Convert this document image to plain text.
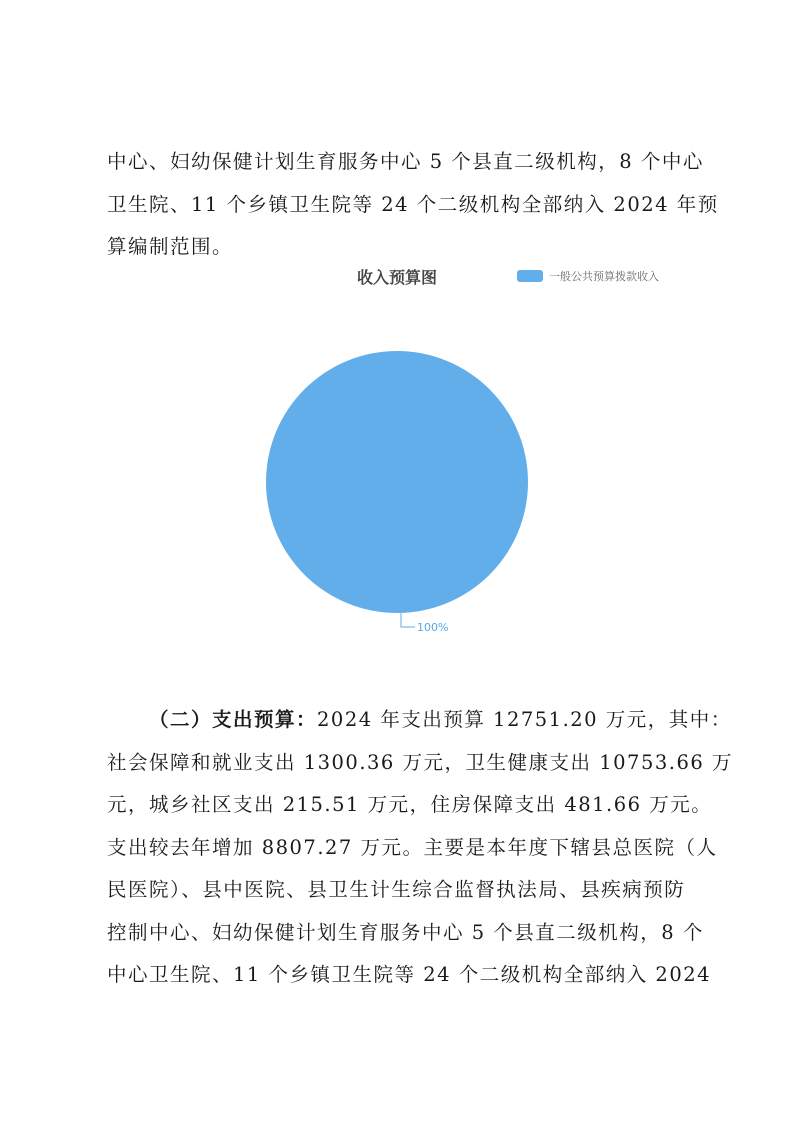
中心、妇幼保健计划生育服务中心 5 个县直二级机构，8 个中心
卫生院、11 个乡镇卫生院等 24 个二级机构全部纳入 2024 年预
算编制范围。
收入预算图	一般公共预算拨款收入
100%
（二）支出预算：2024 年支出预算 12751.20 万元，其中：
社会保障和就业支出 1300.36 万元，卫生健康支出 10753.66 万
元，城乡社区支出 215.51 万元，住房保障支出 481.66 万元。
支出较去年增加 8807.27 万元。主要是本年度下辖县总医院（人
民医院）、县中医院、县卫生计生综合监督执法局、县疾病预防
控制中心、妇幼保健计划生育服务中心 5 个县直二级机构，8 个
中心卫生院、11 个乡镇卫生院等 24 个二级机构全部纳入 2024
